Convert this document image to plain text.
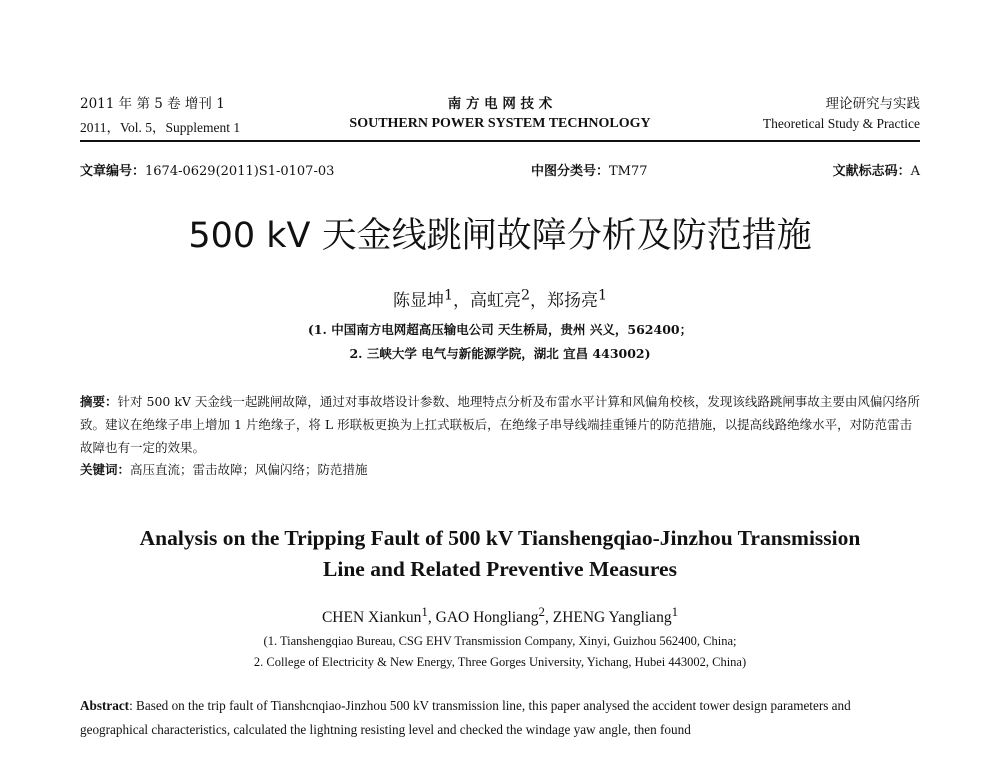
2011 年 第 5 卷 增刊 1	南 方 电 网 技 术	理论研究与实践
2011，Vol. 5，Supplement 1	SOUTHERN POWER SYSTEM TECHNOLOGY	Theoretical Study & Practice
文章编号：1674-0629(2011)S1-0107-03	中图分类号：TM77	文献标志码：A
500 kV 天金线跳闸故障分析及防范措施
陈显坤$^1$，高虹亮$^2$，郑扬亮$^1$
(1. 中国南方电网超高压输电公司 天生桥局，贵州 兴义，562400；
2. 三峡大学 电气与新能源学院，湖北 宜昌 443002)
摘要：针对 500 kV 天金线一起跳闸故障，通过对事故塔设计参数、地理特点分析及布雷水平计算和风偏角校核，发现该线路跳闸事故主要由风偏闪络所致。建议在绝缘子串上增加 1 片绝缘子，将 L 形联板更换为上扛式联板后，在绝缘子串导线端挂重锤片的防范措施，以提高线路绝缘水平，对防范雷击故障也有一定的效果。
关键词：高压直流；雷击故障；风偏闪络；防范措施
Analysis on the Tripping Fault of 500 kV Tianshengqiao-Jinzhou Transmission
Line and Related Preventive Measures
CHEN Xiankun$^1$, GAO Hongliang$^2$, ZHENG Yangliang$^1$
(1. Tianshengqiao Bureau, CSG EHV Transmission Company, Xinyi, Guizhou 562400, China;
2. College of Electricity & New Energy, Three Gorges University, Yichang, Hubei 443002, China)
Abstract: Based on the trip fault of Tianshcnqiao-Jinzhou 500 kV transmission line, this paper analysed the accident tower design parameters and geographical characteristics, calculated the lightning resisting level and checked the windage yaw angle, then found
